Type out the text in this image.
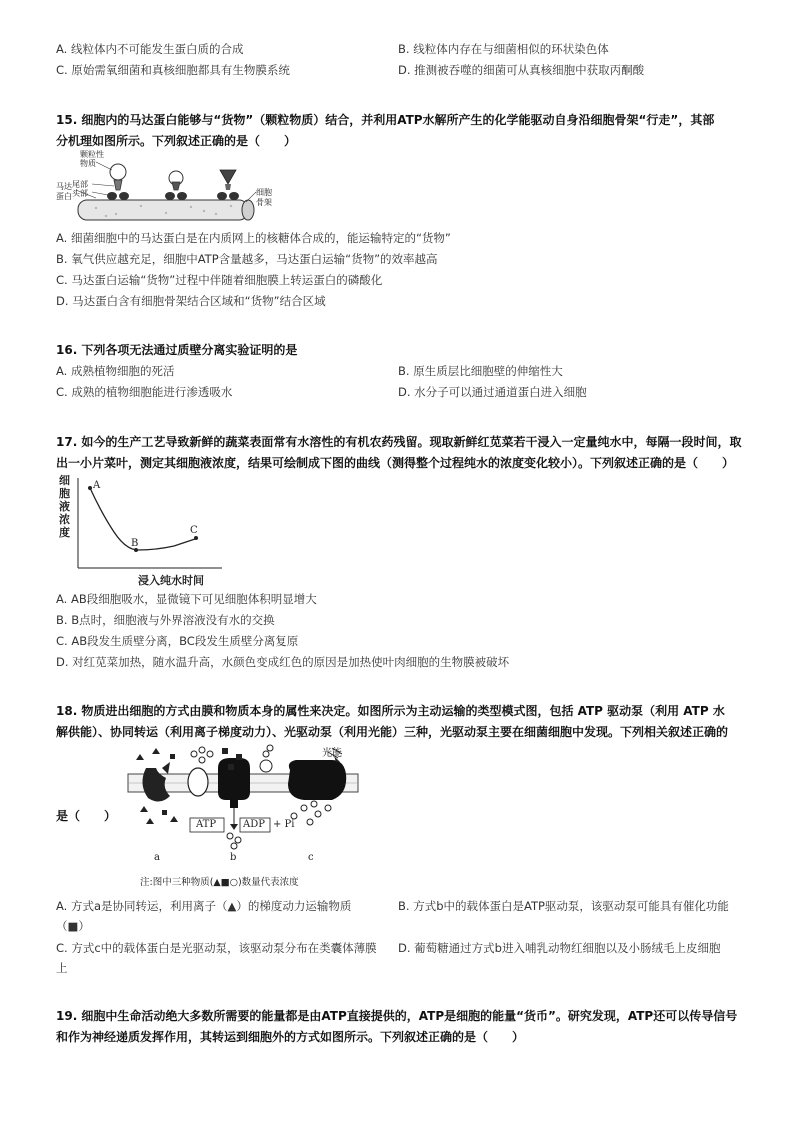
A. 线粒体内不可能发生蛋白质的合成	B. 线粒体内存在与细菌相似的环状染色体
C. 原始需氧细菌和真核细胞都具有生物膜系统	D. 推测被吞噬的细菌可从真核细胞中获取丙酮酸
15. 细胞内的马达蛋白能够与“货物”（颗粒物质）结合，并利用ATP水解所产生的化学能驱动自身沿细胞骨架“行走”，其部
分机理如图所示。下列叙述正确的是（　　）
颗粒性
物质
尾部
头部
马达
蛋白	细胞
骨架
A. 细菌细胞中的马达蛋白是在内质网上的核糖体合成的，能运输特定的“货物”
B. 氧气供应越充足，细胞中ATP含量越多，马达蛋白运输“货物”的效率越高
C. 马达蛋白运输“货物”过程中伴随着细胞膜上转运蛋白的磷酸化
D. 马达蛋白含有细胞骨架结合区域和“货物”结合区域
16. 下列各项无法通过质壁分离实验证明的是
A. 成熟植物细胞的死活	B. 原生质层比细胞壁的伸缩性大
C. 成熟的植物细胞能进行渗透吸水	D. 水分子可以通过通道蛋白进入细胞
17. 如今的生产工艺导致新鲜的蔬菜表面常有水溶性的有机农药残留。现取新鲜红苋菜若干浸入一定量纯水中，每隔一段时间，取
出一小片菜叶，测定其细胞液浓度，结果可绘制成下图的曲线（测得整个过程纯水的浓度变化较小）。下列叙述正确的是（　　）
细
胞
液
浓
度
A
B
C
浸入纯水时间
A. AB段细胞吸水，显微镜下可见细胞体积明显增大
B. B点时，细胞液与外界溶液没有水的交换
C. AB段发生质壁分离，BC段发生质壁分离复原
D. 对红苋菜加热，随水温升高，水颜色变成红色的原因是加热使叶肉细胞的生物膜被破坏
18. 物质进出细胞的方式由膜和物质本身的属性来决定。如图所示为主动运输的类型模式图，包括 ATP 驱动泵（利用 ATP 水
解供能）、协同转运（利用离子梯度动力）、光驱动泵（利用光能）三种，光驱动泵主要在细菌细胞中发现。下列相关叙述正确的
是（　　）
光能
ATP	ADP + Pi
a	b	c
注:图中三种物质(▲■○)数量代表浓度
A. 方式a是协同转运，利用离子（▲）的梯度动力运输物质（■）
B. 方式b中的载体蛋白是ATP驱动泵，该驱动泵可能具有催化功能
C. 方式c中的载体蛋白是光驱动泵，该驱动泵分布在类囊体薄膜上
D. 葡萄糖通过方式b进入哺乳动物红细胞以及小肠绒毛上皮细胞
19. 细胞中生命活动绝大多数所需要的能量都是由ATP直接提供的，ATP是细胞的能量“货币”。研究发现，ATP还可以传导信号
和作为神经递质发挥作用，其转运到细胞外的方式如图所示。下列叙述正确的是（　　）
